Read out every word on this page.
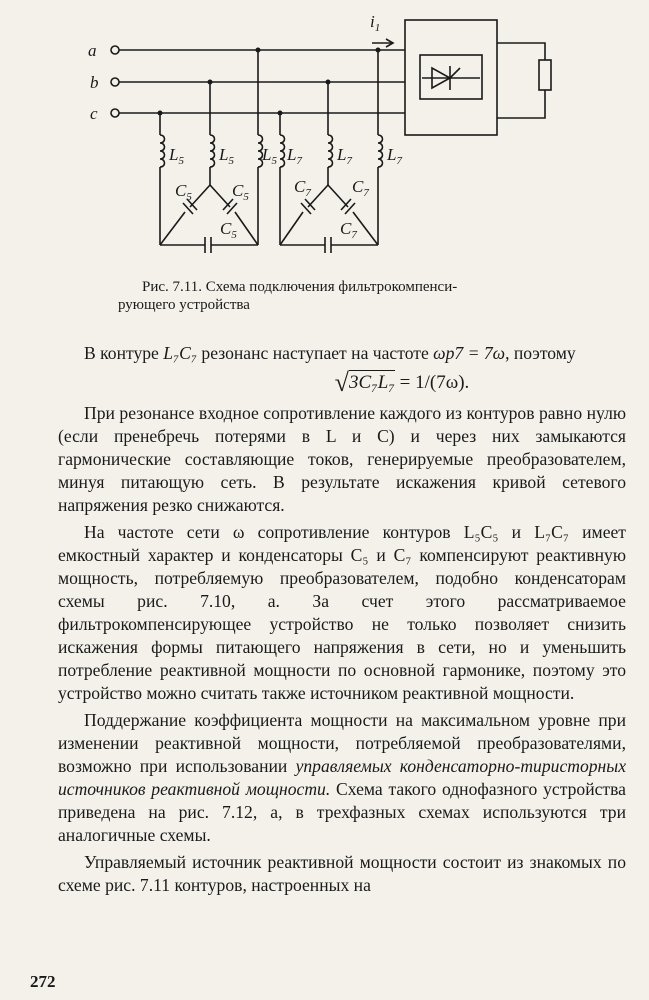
a
b
c
$i_1$
$L_5$ $L_5$ $L_5$ $L_7$ $L_7$ $L_7$
$C_5$ $C_5$
$C_5$
$C_7$ $C_7$
$C_7$
Рис. 7.11. Схема подключения фильтрокомпенси-
рующего устройства

В контуре L₇C₇ резонанс наступает на частоте ωр7 = 7ω, поэтому

√3C₇L₇ = 1/(7ω).

При резонансе входное сопротивление каждого из контуров равно нулю (если пренебречь потерями в L и C) и через них замыкаются гармонические составляющие токов, генерируемые преобразователем, минуя питающую сеть. В результате искажения кривой сетевого напряжения резко снижаются.

На частоте сети ω сопротивление контуров L₅C₅ и L₇C₇ имеет емкостный характер и конденсаторы C₅ и C₇ компенсируют реактивную мощность, потребляемую преобразователем, подобно конденсаторам схемы рис. 7.10, а. За счет этого рассматриваемое фильтрокомпенсирующее устройство не только позволяет снизить искажения формы питающего напряжения в сети, но и уменьшить потребление реактивной мощности по основной гармонике, поэтому это устройство можно считать также источником реактивной мощности.

Поддержание коэффициента мощности на максимальном уровне при изменении реактивной мощности, потребляемой преобразователями, возможно при использовании управляемых конденсаторно-тиристорных источников реактивной мощности. Схема такого однофазного устройства приведена на рис. 7.12, а, в трехфазных схемах используются три аналогичные схемы.

Управляемый источник реактивной мощности состоит из знакомых по схеме рис. 7.11 контуров, настроенных на

272
